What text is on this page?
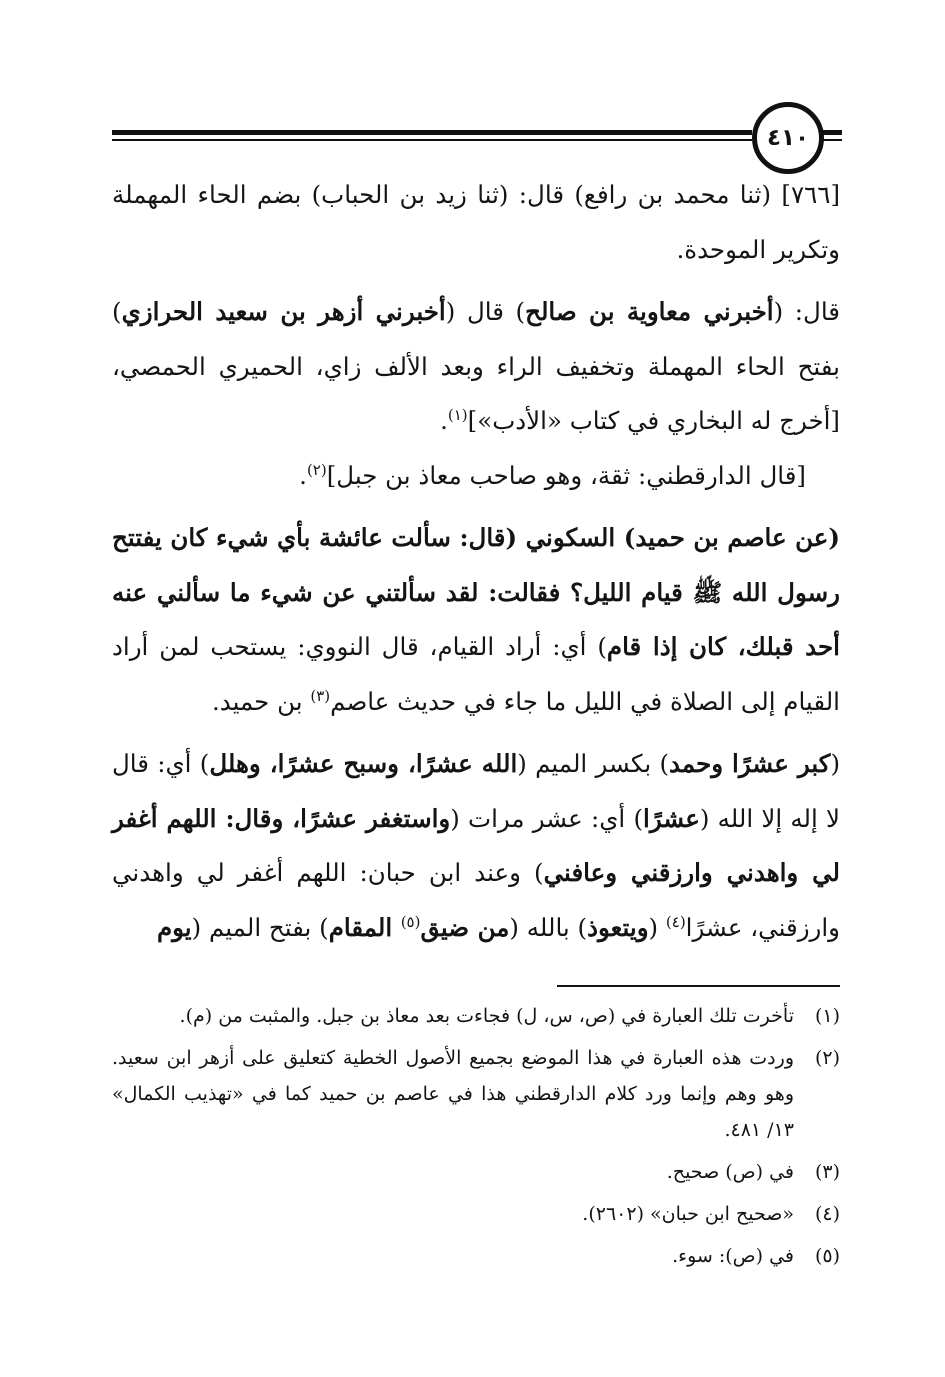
٤١٠

[٧٦٦] (ثنا محمد بن رافع) قال: (ثنا زيد بن الحباب) بضم الحاء المهملة وتكرير الموحدة.

قال: (أخبرني معاوية بن صالح) قال (أخبرني أزهر بن سعيد الحرازي) بفتح الحاء المهملة وتخفيف الراء وبعد الألف زاي، الحميري الحمصي، [أخرج له البخاري في كتاب «الأدب»]$^{(١)}$.

[قال الدارقطني: ثقة، وهو صاحب معاذ بن جبل]$^{(٢)}$.

(عن عاصم بن حميد) السكوني (قال: سألت عائشة بأي شيء كان يفتتح رسول الله ﷺ قيام الليل؟ فقالت: لقد سألتني عن شيء ما سألني عنه أحد قبلك، كان إذا قام) أي: أراد القيام، قال النووي: يستحب لمن أراد القيام إلى الصلاة في الليل ما جاء في حديث عاصم$^{(٣)}$ بن حميد.

(كبر عشرًا وحمد) بكسر الميم (الله عشرًا، وسبح عشرًا، وهلل) أي: قال لا إله إلا الله (عشرًا) أي: عشر مرات (واستغفر عشرًا، وقال: اللهم أغفر لي واهدني وارزقني وعافني) وعند ابن حبان: اللهم أغفر لي واهدني وارزقني، عشرًا$^{(٤)}$ (ويتعوذ) بالله (من ضيق$^{(٥)}$ المقام) بفتح الميم (يوم

(١)
تأخرت تلك العبارة في (ص، س، ل) فجاءت بعد معاذ بن جبل. والمثبت من (م).
(٢)
وردت هذه العبارة في هذا الموضع بجميع الأصول الخطية كتعليق على أزهر ابن سعيد. وهو وهم وإنما ورد كلام الدارقطني هذا في عاصم بن حميد كما في «تهذيب الكمال» ١٣/ ٤٨١.
(٣)
في (ص) صحيح.
(٤)
«صحيح ابن حبان» (٢٦٠٢).
(٥)
في (ص): سوء.
